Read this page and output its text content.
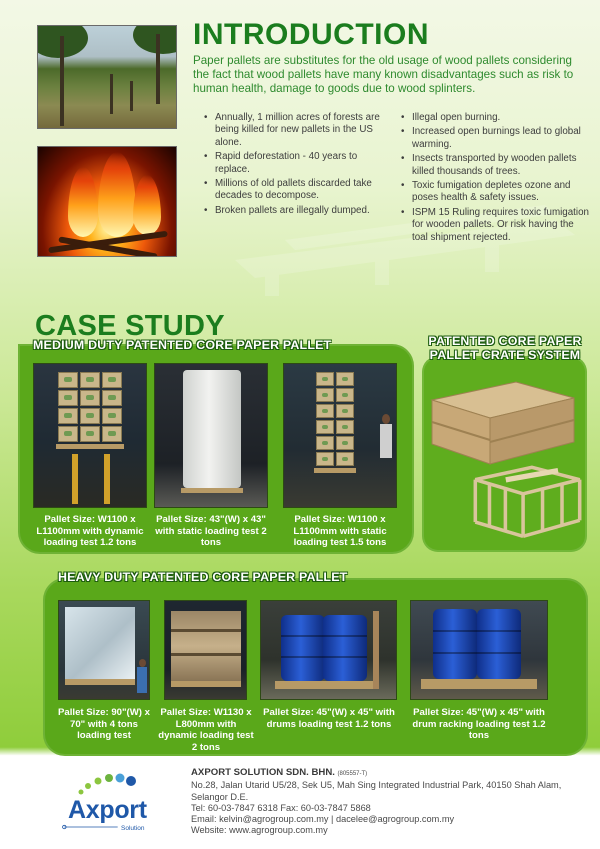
INTRODUCTION

Paper pallets are substitutes for the old usage of wood pallets considering the fact that wood pallets have many known disadvantages such as risk to human health, damage to goods due to wood splinters.

• Annually, 1 million acres of forests are being killed for new pallets in the US alone.
• Rapid deforestation - 40 years to replace.
• Millions of old pallets discarded take decades to decompose.
• Broken pallets are illegally dumped.
• Illegal open burning.
• Increased open burnings lead to global warming.
• Insects transported by wooden pallets killed thousands of trees.
• Toxic fumigation depletes ozone and poses health & safety issues.
• ISPM 15 Ruling requires toxic fumigation for wooden pallets. Or risk having the toal shipment rejected.
CASE STUDY
MEDIUM DUTY PATENTED CORE PAPER PALLET
Pallet Size: W1100 x L1100mm with dynamic loading test 1.2 tons
Pallet Size: 43"(W) x 43" with static loading test 2 tons
Pallet Size: W1100 x L1100mm with static loading test 1.5 tons
PATENTED CORE PAPER PALLET CRATE SYSTEM
HEAVY DUTY PATENTED CORE PAPER PALLET
Pallet Size: 90"(W) x 70" with 4 tons loading test
Pallet Size: W1130 x L800mm with dynamic loading test 2 tons
Pallet Size: 45"(W) x 45" with drums loading test 1.2 tons
Pallet Size: 45"(W) x 45" with drum racking loading test 1.2 tons
Axport
Solution
AXPORT SOLUTION SDN. BHN. (805557-T)
No.28, Jalan Utarid U5/28, Sek U5, Mah Sing Integrated Industrial Park, 40150 Shah Alam, Selangor D.E.
Tel: 60-03-7847 6318 Fax: 60-03-7847 5868
Email: kelvin@agrogroup.com.my | dacelee@agrogroup.com.my
Website: www.agrogroup.com.my
